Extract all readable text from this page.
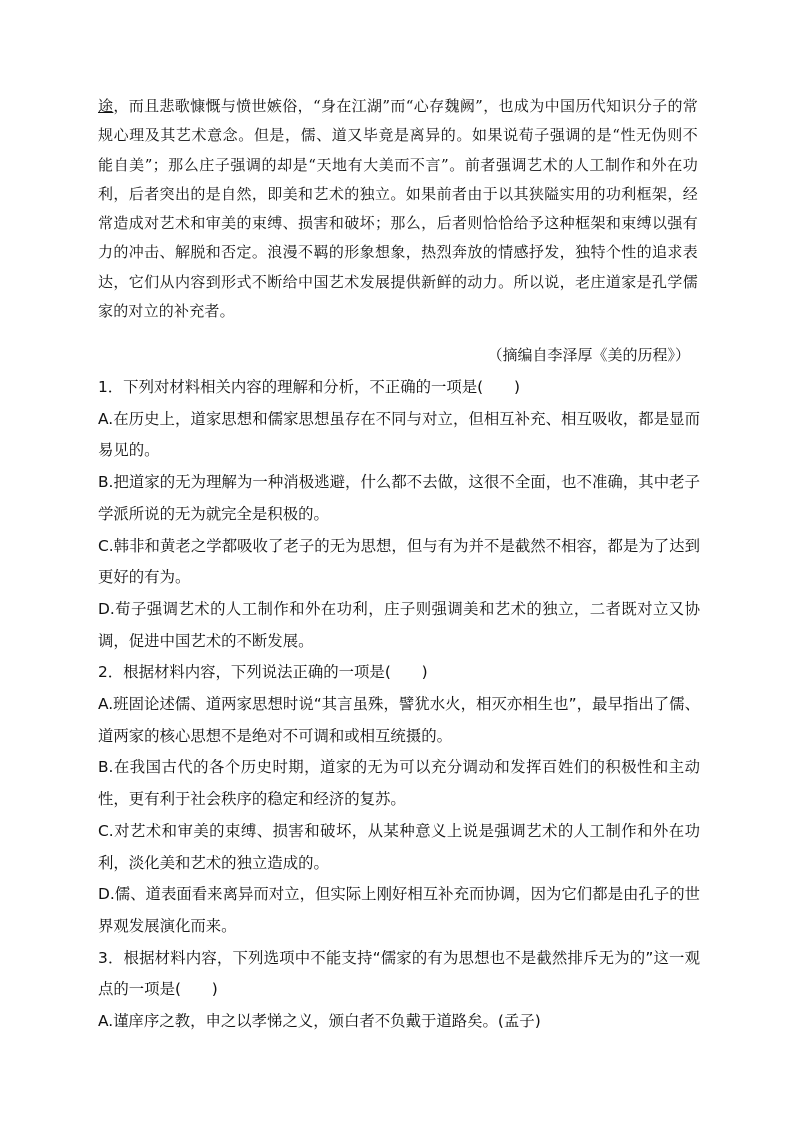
途，而且悲歌慷慨与愤世嫉俗，“身在江湖”而“心存魏阙”，也成为中国历代知识分子的常规心理及其艺术意念。但是，儒、道又毕竟是离异的。如果说荀子强调的是“性无伪则不能自美”；那么庄子强调的却是“天地有大美而不言”。前者强调艺术的人工制作和外在功利，后者突出的是自然，即美和艺术的独立。如果前者由于以其狭隘实用的功利框架，经常造成对艺术和审美的束缚、损害和破坏；那么，后者则恰恰给予这种框架和束缚以强有力的冲击、解脱和否定。浪漫不羁的形象想象，热烈奔放的情感抒发，独特个性的追求表达，它们从内容到形式不断给中国艺术发展提供新鲜的动力。所以说，老庄道家是孔学儒家的对立的补充者。

（摘编自李泽厚《美的历程》）

1．下列对材料相关内容的理解和分析，不正确的一项是(　　)

A.在历史上，道家思想和儒家思想虽存在不同与对立，但相互补充、相互吸收，都是显而易见的。

B.把道家的无为理解为一种消极逃避，什么都不去做，这很不全面，也不准确，其中老子学派所说的无为就完全是积极的。

C.韩非和黄老之学都吸收了老子的无为思想，但与有为并不是截然不相容，都是为了达到更好的有为。

D.荀子强调艺术的人工制作和外在功利，庄子则强调美和艺术的独立，二者既对立又协调，促进中国艺术的不断发展。

2．根据材料内容，下列说法正确的一项是(　　)

A.班固论述儒、道两家思想时说“其言虽殊，譬犹水火，相灭亦相生也”，最早指出了儒、道两家的核心思想不是绝对不可调和或相互统摄的。

B.在我国古代的各个历史时期，道家的无为可以充分调动和发挥百姓们的积极性和主动性，更有利于社会秩序的稳定和经济的复苏。

C.对艺术和审美的束缚、损害和破坏，从某种意义上说是强调艺术的人工制作和外在功利，淡化美和艺术的独立造成的。

D.儒、道表面看来离异而对立，但实际上刚好相互补充而协调，因为它们都是由孔子的世界观发展演化而来。

3．根据材料内容，下列选项中不能支持“儒家的有为思想也不是截然排斥无为的”这一观点的一项是(　　)

A.谨庠序之教，申之以孝悌之义，颁白者不负戴于道路矣。(孟子)
